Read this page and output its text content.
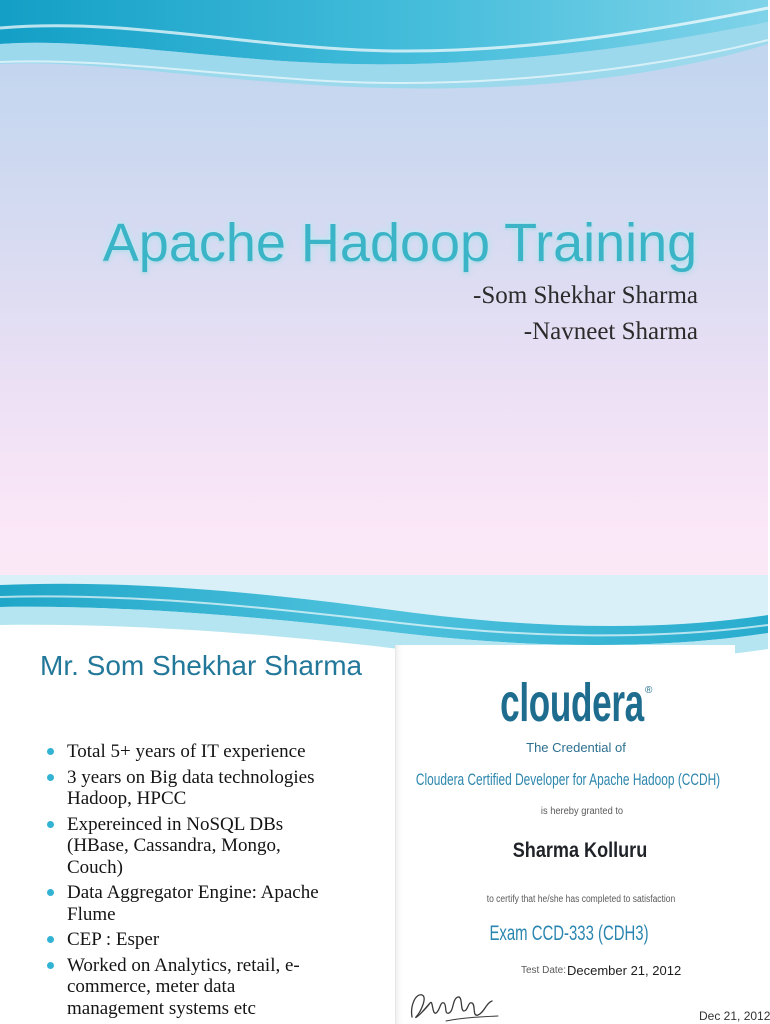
Apache Hadoop Training
-Som Shekhar Sharma
-Navneet Sharma
Mr. Som Shekhar Sharma
Total 5+ years of IT experience
3 years on Big data technologies Hadoop, HPCC
Expereinced in NoSQL DBs (HBase, Cassandra, Mongo, Couch)
Data Aggregator Engine: Apache Flume
CEP : Esper
Worked on Analytics, retail, e-commerce, meter data management systems etc
cloudera ®
The Credential of
Cloudera Certified Developer for Apache Hadoop (CCDH)
is hereby granted to
Sharma Kolluru
to certify that he/she has completed to satisfaction
Exam CCD-333 (CDH3)
Test Date: December 21, 2012
Dec 21, 2012
